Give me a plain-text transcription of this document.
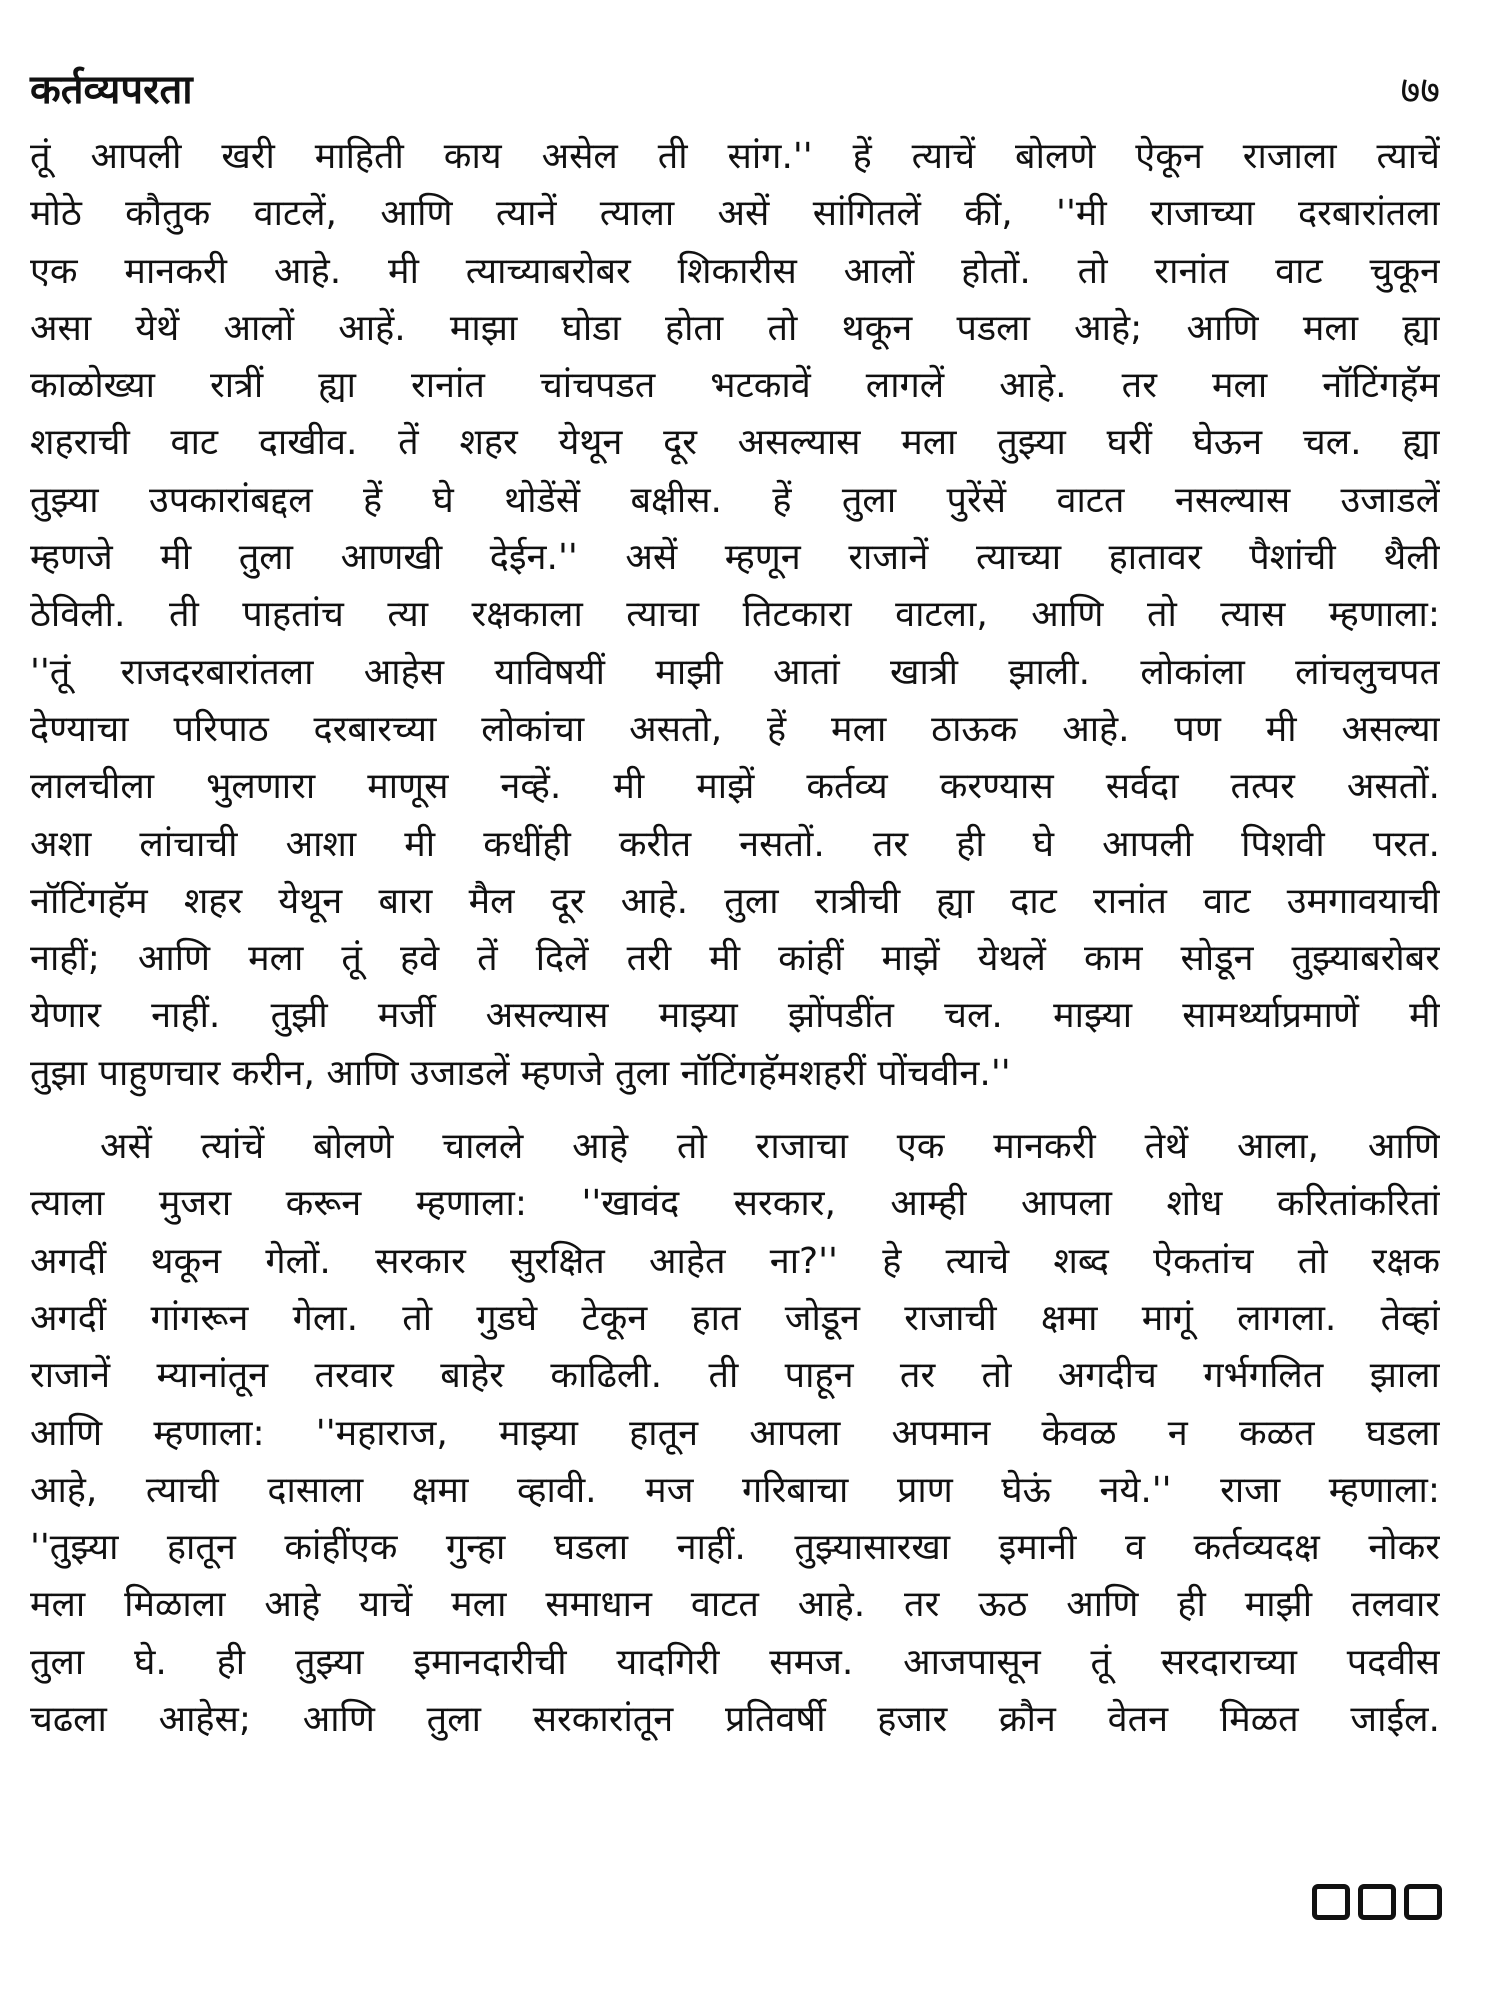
कर्तव्यपरता	७७
तूं आपली खरी माहिती काय असेल ती सांग.'' हें त्याचें बोलणे ऐकून राजाला त्याचें
मोठे कौतुक वाटलें, आणि त्यानें त्याला असें सांगितलें कीं, ''मी राजाच्या दरबारांतला
एक मानकरी आहे. मी त्याच्याबरोबर शिकारीस आलों होतों. तो रानांत वाट चुकून
असा येथें आलों आहें. माझा घोडा होता तो थकून पडला आहे; आणि मला ह्या
काळोख्या रात्रीं ह्या रानांत चांचपडत भटकावें लागलें आहे. तर मला नॉटिंगहॅम
शहराची वाट दाखीव. तें शहर येथून दूर असल्यास मला तुझ्या घरीं घेऊन चल. ह्या
तुझ्या उपकारांबद्दल हें घे थोडेंसें बक्षीस. हें तुला पुरेंसें वाटत नसल्यास उजाडलें
म्हणजे मी तुला आणखी देईन.'' असें म्हणून राजानें त्याच्या हातावर पैशांची थैली
ठेविली. ती पाहतांच त्या रक्षकाला त्याचा तिटकारा वाटला, आणि तो त्यास म्हणाला:
''तूं राजदरबारांतला आहेस याविषयीं माझी आतां खात्री झाली. लोकांला लांचलुचपत
देण्याचा परिपाठ दरबारच्या लोकांचा असतो, हें मला ठाऊक आहे. पण मी असल्या
लालचीला भुलणारा माणूस नव्हें. मी माझें कर्तव्य करण्यास सर्वदा तत्पर असतों.
अशा लांचाची आशा मी कधींही करीत नसतों. तर ही घे आपली पिशवी परत.
नॉटिंगहॅम शहर येथून बारा मैल दूर आहे. तुला रात्रीची ह्या दाट रानांत वाट उमगावयाची
नाहीं; आणि मला तूं हवे तें दिलें तरी मी कांहीं माझें येथलें काम सोडून तुझ्याबरोबर
येणार नाहीं. तुझी मर्जी असल्यास माझ्या झोंपडींत चल. माझ्या सामर्थ्याप्रमाणें मी
तुझा पाहुणचार करीन, आणि उजाडलें म्हणजे तुला नॉटिंगहॅमशहरीं पोंचवीन.''
असें त्यांचें बोलणे चालले आहे तो राजाचा एक मानकरी तेथें आला, आणि
त्याला मुजरा करून म्हणाला: ''खावंद सरकार, आम्ही आपला शोध करितांकरितां
अगदीं थकून गेलों. सरकार सुरक्षित आहेत ना?'' हे त्याचे शब्द ऐकतांच तो रक्षक
अगदीं गांगरून गेला. तो गुडघे टेकून हात जोडून राजाची क्षमा मागूं लागला. तेव्हां
राजानें म्यानांतून तरवार बाहेर काढिली. ती पाहून तर तो अगदीच गर्भगलित झाला
आणि म्हणाला: ''महाराज, माझ्या हातून आपला अपमान केवळ न कळत घडला
आहे, त्याची दासाला क्षमा व्हावी. मज गरिबाचा प्राण घेऊं नये.'' राजा म्हणाला:
''तुझ्या हातून कांहींएक गुन्हा घडला नाहीं. तुझ्यासारखा इमानी व कर्तव्यदक्ष नोकर
मला मिळाला आहे याचें मला समाधान वाटत आहे. तर ऊठ आणि ही माझी तलवार
तुला घे. ही तुझ्या इमानदारीची यादगिरी समज. आजपासून तूं सरदाराच्या पदवीस
चढला आहेस; आणि तुला सरकारांतून प्रतिवर्षी हजार क्रौन वेतन मिळत जाईल.
